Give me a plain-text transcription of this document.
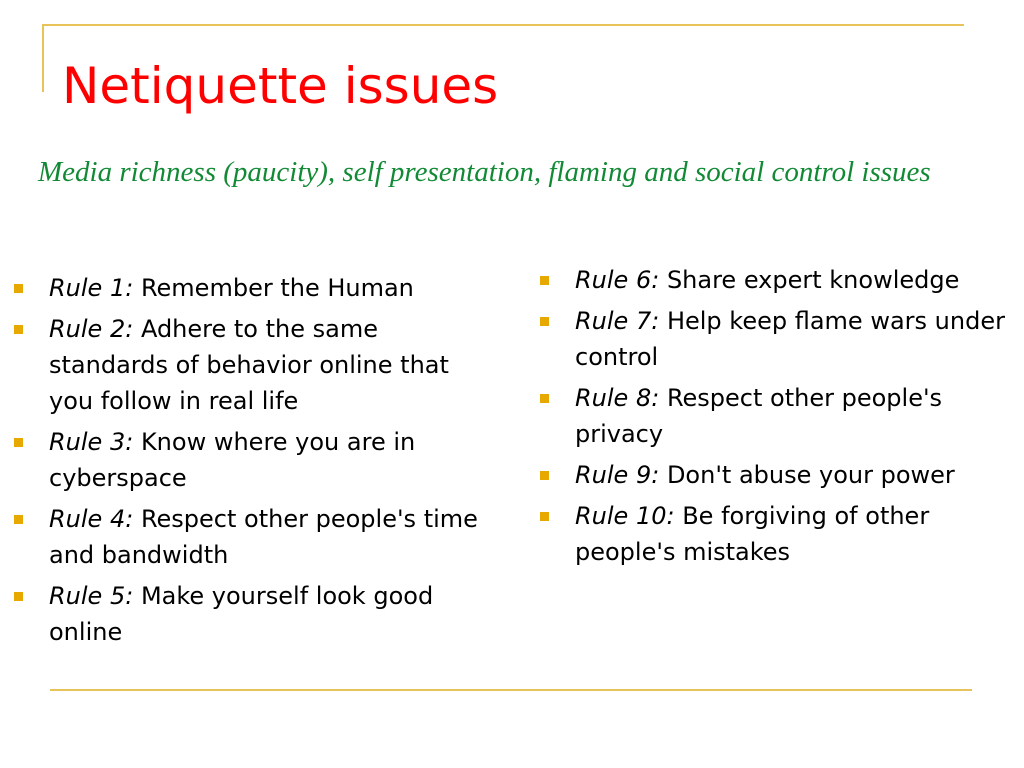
Netiquette issues

Media richness (paucity), self presentation, flaming and social control issues

Rule 1: Remember the Human
Rule 2: Adhere to the same standards of behavior online that you follow in real life
Rule 3: Know where you are in cyberspace
Rule 4: Respect other people's time and bandwidth
Rule 5: Make yourself look good online
Rule 6: Share expert knowledge
Rule 7: Help keep flame wars under control
Rule 8: Respect other people's privacy
Rule 9: Don't abuse your power
Rule 10: Be forgiving of other people's mistakes
